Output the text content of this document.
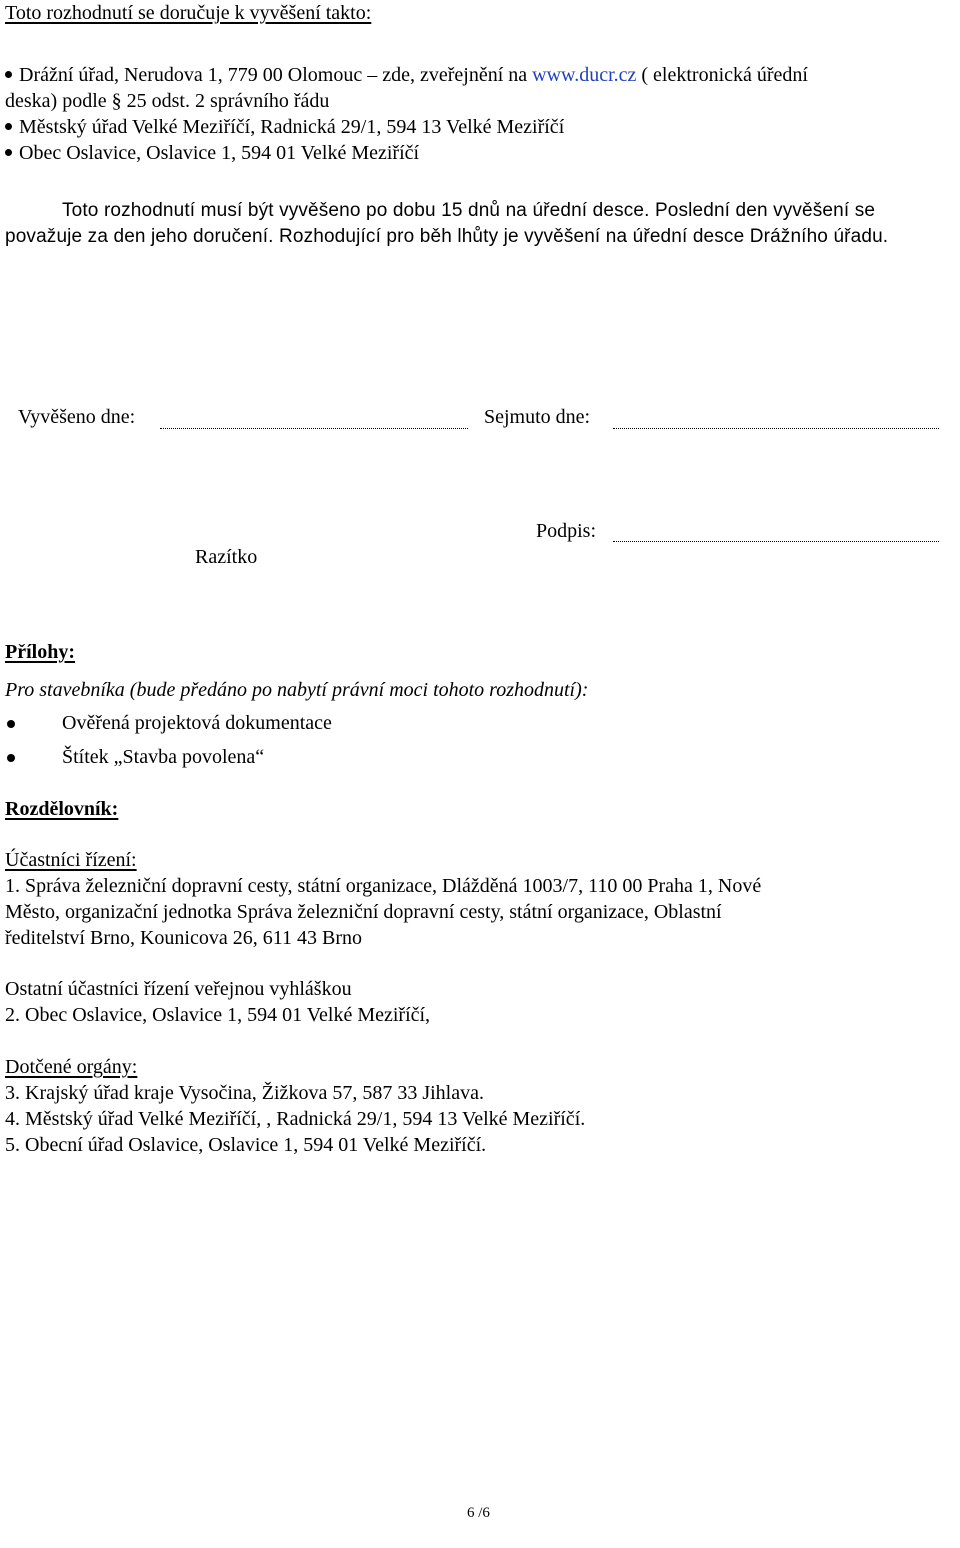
Toto rozhodnutí se doručuje k vyvěšení takto:
Drážní úřad, Nerudova 1, 779 00 Olomouc – zde, zveřejnění na www.ducr.cz ( elektronická úřední
deska) podle § 25 odst. 2 správního řádu
Městský úřad Velké Meziříčí, Radnická 29/1, 594 13 Velké Meziříčí
Obec Oslavice, Oslavice 1, 594 01 Velké Meziříčí
Toto rozhodnutí musí být vyvěšeno po dobu 15 dnů na úřední desce. Poslední den vyvěšení se
považuje za den jeho doručení. Rozhodující pro běh lhůty je vyvěšení na úřední desce Drážního úřadu.
Vyvěšeno dne:	Sejmuto dne:
Podpis:
Razítko
Přílohy:
Pro stavebníka (bude předáno po nabytí právní moci tohoto rozhodnutí):
Ověřená projektová dokumentace
Štítek „Stavba povolena“
Rozdělovník:
Účastníci řízení:
1. Správa železniční dopravní cesty, státní organizace, Dlážděná 1003/7, 110 00 Praha 1, Nové
Město, organizační jednotka Správa železniční dopravní cesty, státní organizace, Oblastní
ředitelství Brno, Kounicova 26, 611 43 Brno
Ostatní účastníci řízení veřejnou vyhláškou
2. Obec Oslavice, Oslavice 1, 594 01 Velké Meziříčí,
Dotčené orgány:
3. Krajský úřad kraje Vysočina, Žižkova 57, 587 33 Jihlava.
4. Městský úřad Velké Meziříčí, , Radnická 29/1, 594 13 Velké Meziříčí.
5. Obecní úřad Oslavice, Oslavice 1, 594 01 Velké Meziříčí.
6 /6
